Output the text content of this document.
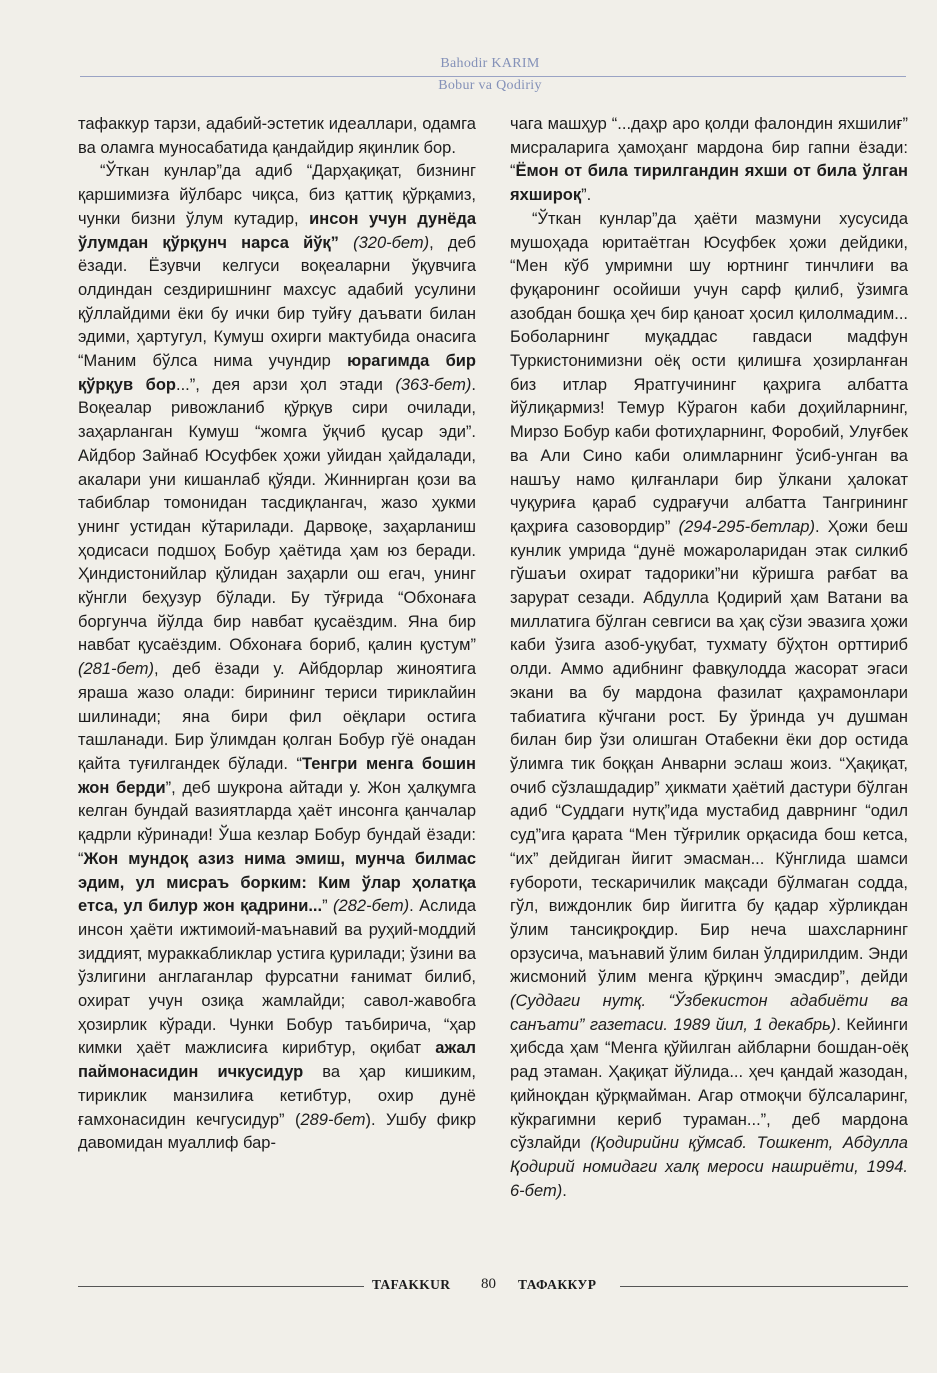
Bahodir KARIM
Bobur va Qodiriy

тафаккур тарзи, адабий-эстетик идеаллари, одамга ва оламга муносабатида қандайдир яқинлик бор.

“Ўткан кунлар”да адиб “Дарҳақиқат, бизнинг қаршимизға йўлбарс чиқса, биз қаттиқ қўрқамиз, чунки бизни ўлум кутадир, инсон учун дунёда ўлумдан қўрқунч нарса йўқ” (320-бет), деб ёзади. Ёзувчи келгуси воқеаларни ўқувчига олдиндан сездиришнинг махсус адабий усулини қўллайдими ёки бу ички бир туйғу даъвати билан эдими, ҳартугул, Кумуш охирги мактубида онасига “Маним бўлса нима учундир юрагимда бир қўрқув бор...”, дея арзи ҳол этади (363-бет). Воқеалар ривожланиб қўрқув сири очилади, заҳарланган Кумуш “жомга ўқчиб қусар эди”. Айдбор Зайнаб Юсуфбек ҳожи уйидан ҳайдалади, акалари уни кишанлаб қўяди. Жиннирган қози ва табиблар томонидан тасдиқлангач, жазо ҳукми унинг устидан кўтарилади. Дарвоқе, заҳарланиш ҳодисаси подшоҳ Бобур ҳаётида ҳам юз беради. Ҳиндистонийлар қўлидан заҳарли ош егач, унинг кўнгли беҳузур бўлади. Бу тўғрида “Обхонаға боргунча йўлда бир навбат қусаёздим. Яна бир навбат қусаёздим. Обхонаға бориб, қалин қустум” (281-бет), деб ёзади у. Айбдорлар жиноятига яраша жазо олади: бирининг териси тириклайин шилинади; яна бири фил оёқлари остига ташланади. Бир ўлимдан қолган Бобур гўё онадан қайта туғилгандек бўлади. “Тенгри менга бошин жон берди”, деб шукрона айтади у. Жон ҳалқумга келган бундай вазиятларда ҳаёт инсонга қанчалар қадрли кўринади! Ўша кезлар Бобур бундай ёзади: “Жон мундоқ азиз нима эмиш, мунча билмас эдим, ул мисраъ борким: Ким ўлар ҳолатқа етса, ул билур жон қадрини...” (282-бет). Аслида инсон ҳаёти ижтимоий-маънавий ва руҳий-моддий зиддият, мураккабликлар устига қурилади; ўзини ва ўзлигини англаганлар фурсатни ғанимат билиб, охират учун озиқа жамлайди; савол-жавобга ҳозирлик кўради. Чунки Бобур таъбирича, “ҳар кимки ҳаёт мажлисиға кирибтур, оқибат ажал паймонасидин ичкусидур ва ҳар кишиким, тириклик манзилиға кетибтур, охир дунё ғамхонасидин кечгусидур” (289-бет). Ушбу фикр давомидан муаллиф бар-

чага машҳур “...даҳр аро қолди фалондин яхшилиғ” мисраларига ҳамоҳанг мардона бир гапни ёзади: “Ёмон от била тирилгандин яхши от била ўлган яхшироқ”.

“Ўткан кунлар”да ҳаёти мазмуни хусусида мушоҳада юритаётган Юсуфбек ҳожи дейдики, “Мен кўб умримни шу юртнинг тинчлиғи ва фуқаронинг осойиши учун сарф қилиб, ўзимга азобдан бошқа ҳеч бир қаноат ҳосил қилолмадим... Боболарнинг муқаддас гавдаси мадфун Туркистонимизни оёқ ости қилишға ҳозирланған биз итлар Яратгучининг қаҳрига албатта йўлиқармиз! Темур Кўрагон каби доҳийларнинг, Мирзо Бобур каби фотиҳларнинг, Форобий, Улуғбек ва Али Сино каби олимларнинг ўсиб-унган ва нашъу намо қилғанлари бир ўлкани ҳалокат чуқуриға қараб судрағучи албатта Тангрининг қаҳриға сазовордир” (294-295-бетлар). Ҳожи беш кунлик умрида “дунё можароларидан этак силкиб гўшаъи охират тадорики”ни кўришга рағбат ва зарурат сезади. Абдулла Қодирий ҳам Ватани ва миллатига бўлган севгиси ва ҳақ сўзи эвазига ҳожи каби ўзига азоб-уқубат, тухмату бўҳтон орттириб олди. Аммо адибнинг фавқулодда жасорат эгаси экани ва бу мардона фазилат қаҳрамонлари табиатига кўчгани рост. Бу ўринда уч душман билан бир ўзи олишган Отабекни ёки дор остида ўлимга тик боққан Анварни эслаш жоиз. “Ҳақиқат, очиб сўзлашдадир” ҳикмати ҳаётий дастури бўлган адиб “Суддаги нутқ”ида мустабид даврнинг “одил суд”ига қарата “Мен тўғрилик орқасида бош кетса, “их” дейдиган йигит эмасман... Кўнглида шамси ғубороти, тескаричилик мақсади бўлмаган содда, гўл, виждонлик бир йигитга бу қадар хўрликдан ўлим тансиқроқдир. Бир неча шахсларнинг орзусича, маънавий ўлим билан ўлдирилдим. Энди жисмоний ўлим менга қўрқинч эмасдир”, дейди (Суддаги нутқ. “Ўзбекистон адабиёти ва санъати” газетаси. 1989 йил, 1 декабрь). Кейинги ҳибсда ҳам “Менга қўйилган айбларни бошдан-оёқ рад этаман. Ҳақиқат йўлида... ҳеч қандай жазодан, қийноқдан қўрқмайман. Агар отмоқчи бўлсаларинг, кўкрагимни кериб тураман...”, деб мардона сўзлайди (Қодирийни қўмсаб. Тошкент, Абдулла Қодирий номидаги халқ мероси нашриёти, 1994. 6-бет).

TAFAKKUR 80 ТАФАККУР
